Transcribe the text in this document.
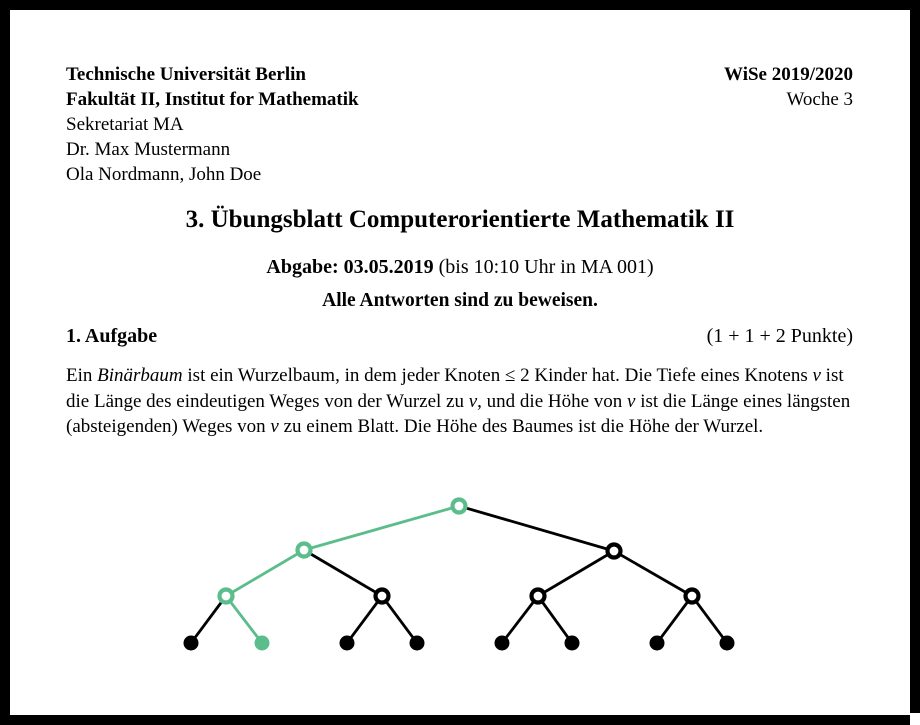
Technische Universität Berlin
Fakultät II, Institut for Mathematik
Sekretariat MA
Dr. Max Mustermann
Ola Nordmann, John Doe
WiSe 2019/2020
Woche 3
3. Übungsblatt Computerorientierte Mathematik II
Abgabe: 03.05.2019 (bis 10:10 Uhr in MA 001)
Alle Antworten sind zu beweisen.
1. Aufgabe	(1 + 1 + 2 Punkte)
Ein Binärbaum ist ein Wurzelbaum, in dem jeder Knoten ≤ 2 Kinder hat. Die Tiefe eines Knotens v ist die Länge des eindeutigen Weges von der Wurzel zu v, und die Höhe von v ist die Länge eines längsten (absteigenden) Weges von v zu einem Blatt. Die Höhe des Baumes ist die Höhe der Wurzel.
